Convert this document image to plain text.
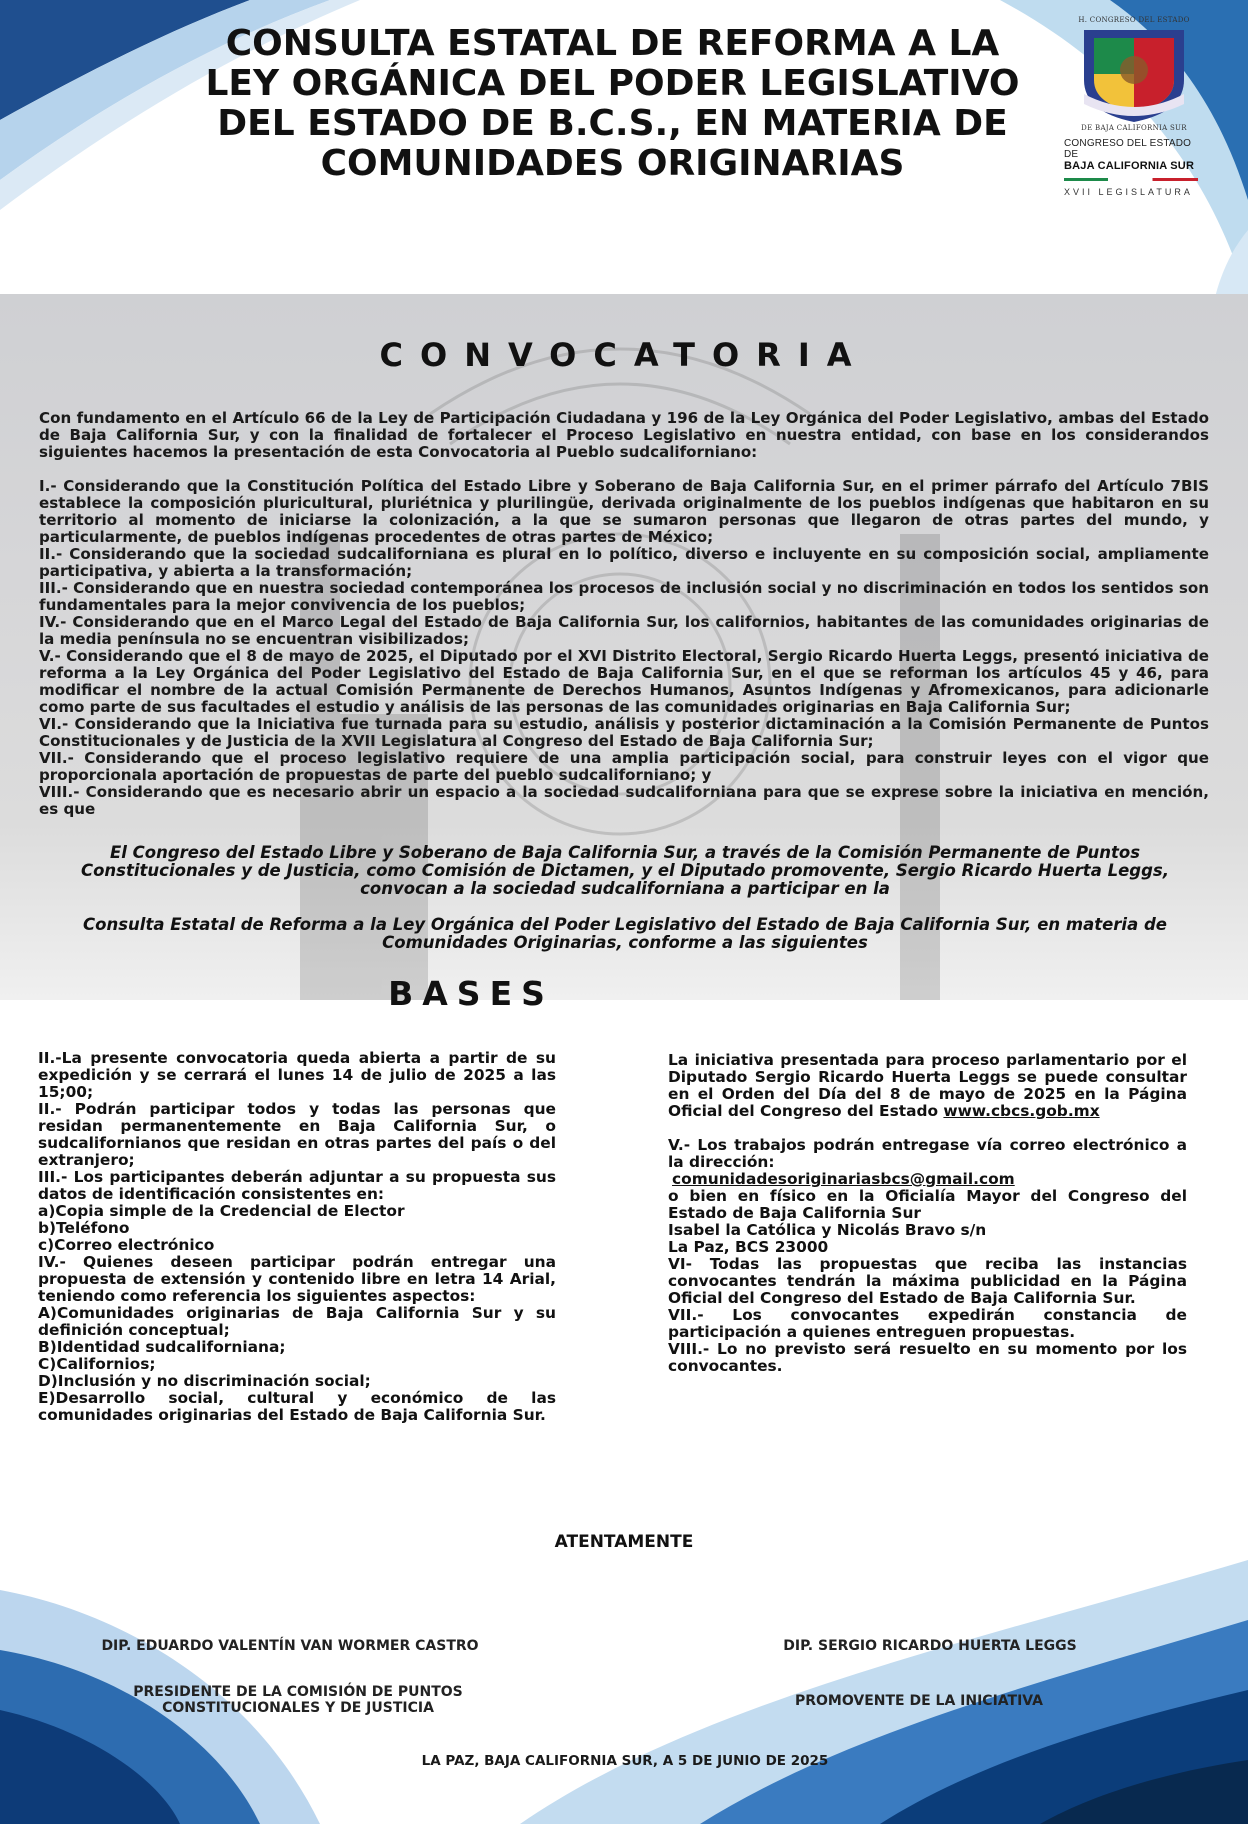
CONSULTA ESTATAL DE REFORMA A LA LEY ORGÁNICA DEL PODER LEGISLATIVO DEL ESTADO DE B.C.S., EN MATERIA DE COMUNIDADES ORIGINARIAS
H. CONGRESO DEL ESTADO
DE BAJA CALIFORNIA SUR
CONGRESO DEL ESTADO DE
BAJA CALIFORNIA SUR
XVII LEGISLATURA
CONVOCATORIA

Con fundamento en el Artículo 66 de la Ley de Participación Ciudadana y 196 de la Ley Orgánica del Poder Legislativo, ambas del Estado de Baja California Sur, y con la finalidad de fortalecer el Proceso Legislativo en nuestra entidad, con base en los considerandos siguientes hacemos la presentación de esta Convocatoria al Pueblo sudcaliforniano:

I.- Considerando que la Constitución Política del Estado Libre y Soberano de Baja California Sur, en el primer párrafo del Artículo 7BIS establece la composición pluricultural, pluriétnica y plurilingüe, derivada originalmente de los pueblos indígenas que habitaron en su territorio al momento de iniciarse la colonización, a la que se sumaron personas que llegaron de otras partes del mundo, y particularmente, de pueblos indígenas procedentes de otras partes de México;

II.- Considerando que la sociedad sudcaliforniana es plural en lo político, diverso e incluyente en su composición social, ampliamente participativa, y abierta a la transformación;

III.- Considerando que en nuestra sociedad contemporánea los procesos de inclusión social y no discriminación en todos los sentidos son fundamentales para la mejor convivencia de los pueblos;

IV.- Considerando que en el Marco Legal del Estado de Baja California Sur, los californios, habitantes de las comunidades originarias de la media península no se encuentran visibilizados;

V.- Considerando que el 8 de mayo de 2025, el Diputado por el XVI Distrito Electoral, Sergio Ricardo Huerta Leggs, presentó iniciativa de reforma a la Ley Orgánica del Poder Legislativo del Estado de Baja California Sur, en el que se reforman los artículos 45 y 46, para modificar el nombre de la actual Comisión Permanente de Derechos Humanos, Asuntos Indígenas y Afromexicanos, para adicionarle como parte de sus facultades el estudio y análisis de las personas de las comunidades originarias en Baja California Sur;

VI.- Considerando que la Iniciativa fue turnada para su estudio, análisis y posterior dictaminación a la Comisión Permanente de Puntos Constitucionales y de Justicia de la XVII Legislatura al Congreso del Estado de Baja California Sur;

VII.- Considerando que el proceso legislativo requiere de una amplia participación social, para construir leyes con el vigor que proporcionala aportación de propuestas de parte del pueblo sudcaliforniano; y

VIII.- Considerando que es necesario abrir un espacio a la sociedad sudcaliforniana para que se exprese sobre la iniciativa en mención, es que

El Congreso del Estado Libre y Soberano de Baja California Sur, a través de la Comisión Permanente de Puntos Constitucionales y de Justicia, como Comisión de Dictamen, y el Diputado promovente, Sergio Ricardo Huerta Leggs, convocan a la sociedad sudcaliforniana a participar en la

Consulta Estatal de Reforma a la Ley Orgánica del Poder Legislativo del Estado de Baja California Sur, en materia de Comunidades Originarias, conforme a las siguientes

BASES

II.-La presente convocatoria queda abierta a partir de su expedición y se cerrará el lunes 14 de julio de 2025 a las 15;00;

II.- Podrán participar todos y todas las personas que residan permanentemente en Baja California Sur, o sudcalifornianos que residan en otras partes del país o del extranjero;

III.- Los participantes deberán adjuntar a su propuesta sus datos de identificación consistentes en:

a)Copia simple de la Credencial de Elector

b)Teléfono

c)Correo electrónico

IV.- Quienes deseen participar podrán entregar una propuesta de extensión y contenido libre en letra 14 Arial, teniendo como referencia los siguientes aspectos:

A)Comunidades originarias de Baja California Sur y su definición conceptual;

B)Identidad sudcaliforniana;

C)Californios;

D)Inclusión y no discriminación social;

E)Desarrollo social, cultural y económico de las comunidades originarias del Estado de Baja California Sur.

La iniciativa presentada para proceso parlamentario por el Diputado Sergio Ricardo Huerta Leggs se puede consultar en el Orden del Día del 8 de mayo de 2025 en la Página Oficial del Congreso del Estado www.cbcs.gob.mx

V.- Los trabajos podrán entregase vía correo electrónico a la dirección:

comunidadesoriginariasbcs@gmail.com

o bien en físico en la Oficialía Mayor del Congreso del Estado de Baja California Sur

Isabel la Católica y Nicolás Bravo s/n

La Paz, BCS 23000

VI- Todas las propuestas que reciba las instancias convocantes tendrán la máxima publicidad en la Página Oficial del Congreso del Estado de Baja California Sur.

VII.- Los convocantes expedirán constancia de participación a quienes entreguen propuestas.

VIII.- Lo no previsto será resuelto en su momento por los convocantes.

ATENTAMENTE
DIP. EDUARDO VALENTÍN VAN WORMER CASTRO	DIP. SERGIO RICARDO HUERTA LEGGS
PRESIDENTE DE LA COMISIÓN DE PUNTOS CONSTITUCIONALES Y DE JUSTICIA	PROMOVENTE DE LA INICIATIVA
LA PAZ, BAJA CALIFORNIA SUR, A 5 DE JUNIO DE 2025
